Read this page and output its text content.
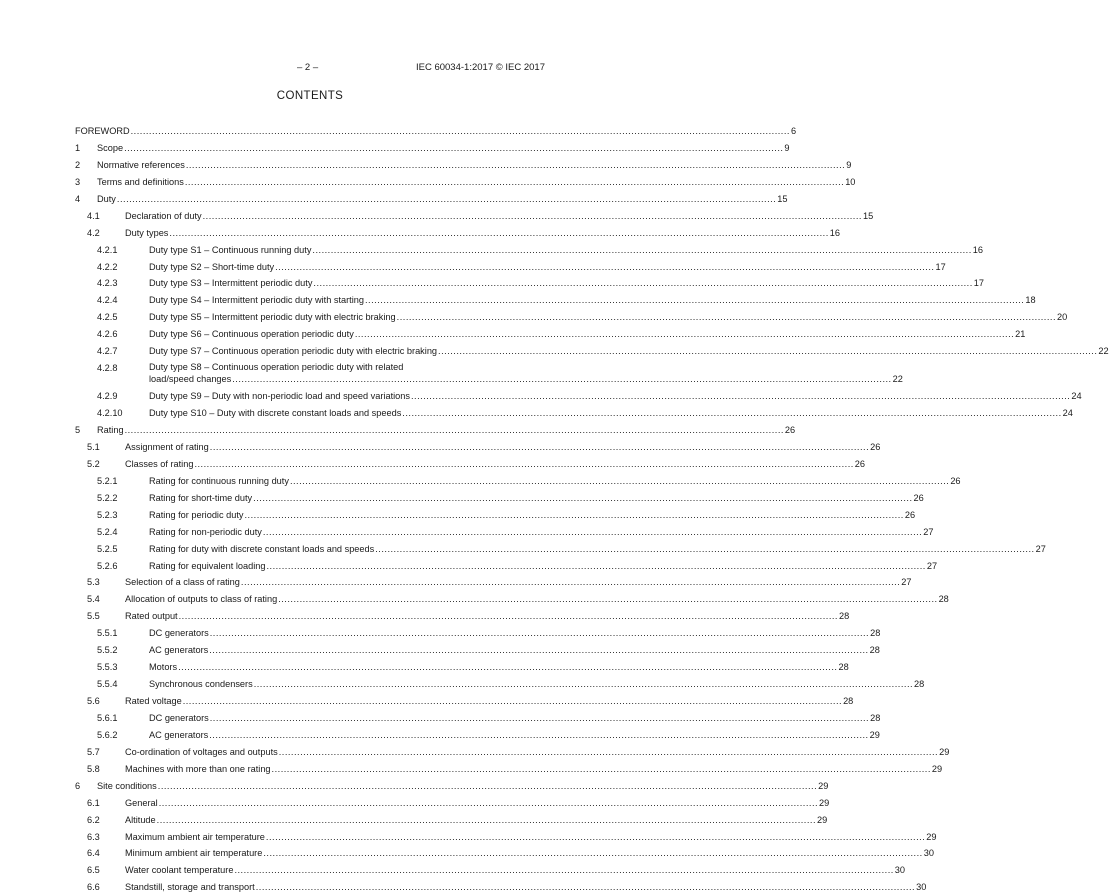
– 2 –	IEC 60034-1:2017 © IEC 2017
CONTENTS
FOREWORD .....	6
1 Scope .....	9
2 Normative references .....	9
3 Terms and definitions .....	10
4 Duty .....	15
4.1	Declaration of duty .....	15
4.2	Duty types .....	16
4.2.1	Duty type S1 – Continuous running duty .....	16
4.2.2	Duty type S2 – Short-time duty .....	17
4.2.3	Duty type S3 – Intermittent periodic duty .....	17
4.2.4	Duty type S4 – Intermittent periodic duty with starting .....	18
4.2.5	Duty type S5 – Intermittent periodic duty with electric braking .....	20
4.2.6	Duty type S6 – Continuous operation periodic duty .....	21
4.2.7	Duty type S7 – Continuous operation periodic duty with electric braking .....	22
4.2.8	Duty type S8 – Continuous operation periodic duty with related
load/speed changes .....	22
4.2.9	Duty type S9 – Duty with non-periodic load and speed variations .....	24
4.2.10	Duty type S10 – Duty with discrete constant loads and speeds .....	24
5 Rating .....	26
5.1	Assignment of rating .....	26
5.2	Classes of rating .....	26
5.2.1	Rating for continuous running duty .....	26
5.2.2	Rating for short-time duty .....	26
5.2.3	Rating for periodic duty .....	26
5.2.4	Rating for non-periodic duty .....	27
5.2.5	Rating for duty with discrete constant loads and speeds .....	27
5.2.6	Rating for equivalent loading .....	27
5.3	Selection of a class of rating .....	27
5.4	Allocation of outputs to class of rating .....	28
5.5	Rated output .....	28
5.5.1	DC generators .....	28
5.5.2	AC generators .....	28
5.5.3	Motors .....	28
5.5.4	Synchronous condensers .....	28
5.6	Rated voltage .....	28
5.6.1	DC generators .....	28
5.6.2	AC generators .....	29
5.7	Co-ordination of voltages and outputs .....	29
5.8	Machines with more than one rating .....	29
6 Site conditions .....	29
6.1	General .....	29
6.2	Altitude .....	29
6.3	Maximum ambient air temperature .....	29
6.4	Minimum ambient air temperature .....	30
6.5	Water coolant temperature .....	30
6.6	Standstill, storage and transport .....	30
